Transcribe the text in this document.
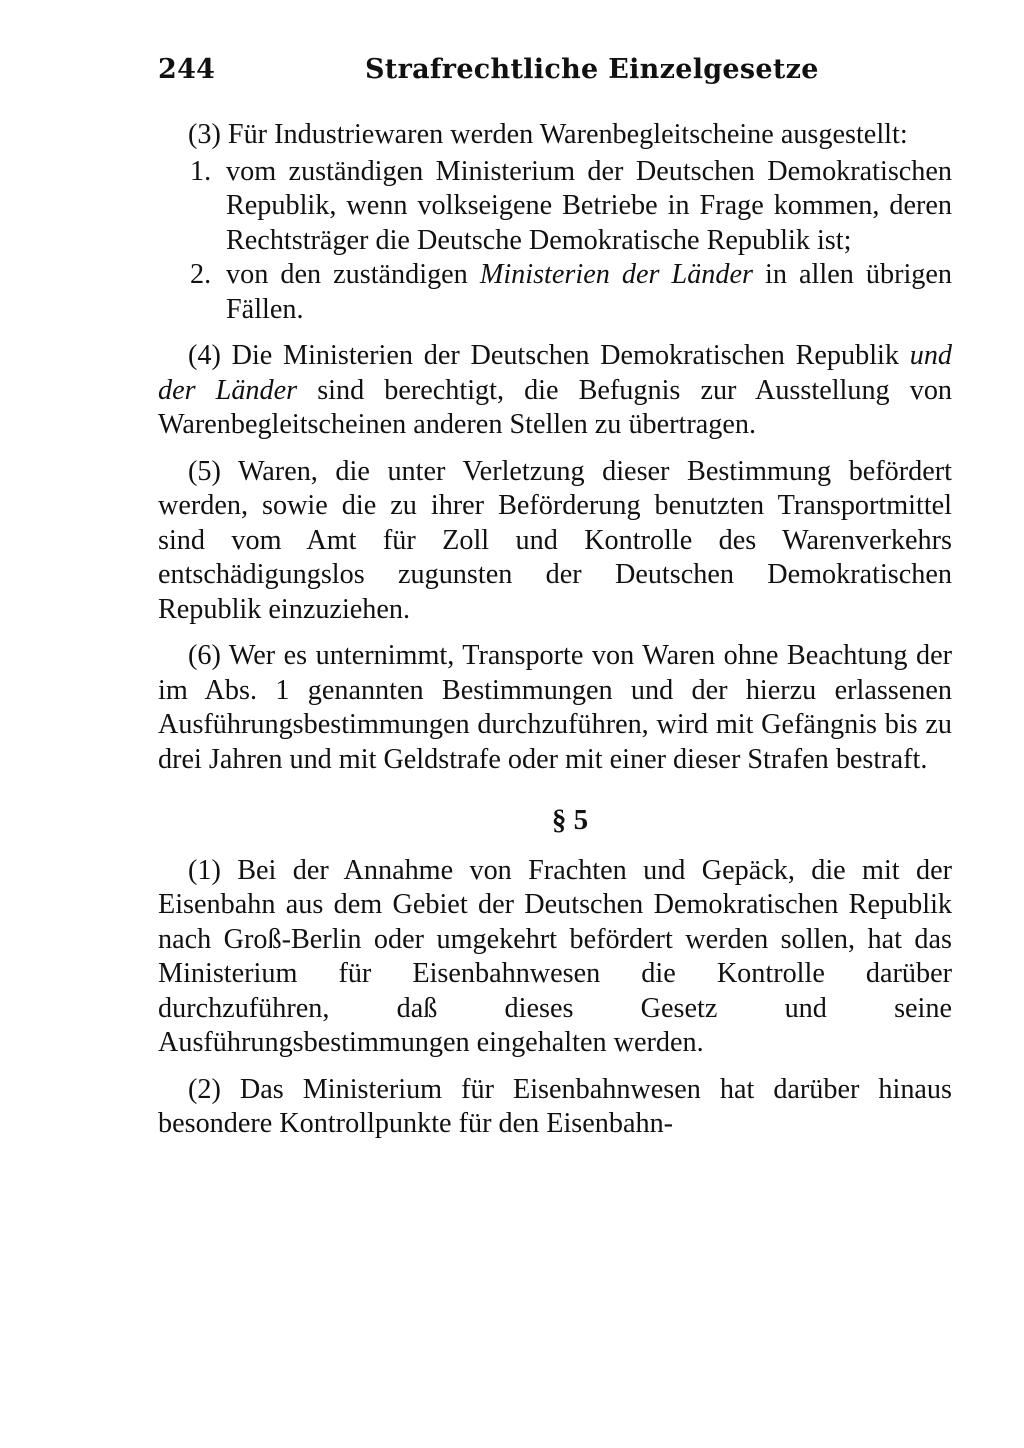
244	Strafrechtliche Einzelgesetze

(3) Für Industriewaren werden Warenbegleitscheine ausgestellt:

1. vom zuständigen Ministerium der Deutschen Demokratischen Republik, wenn volkseigene Betriebe in Frage kommen, deren Rechtsträger die Deutsche Demokratische Republik ist;
2. von den zuständigen Ministerien der Länder in allen übrigen Fällen.

(4) Die Ministerien der Deutschen Demokratischen Republik und der Länder sind berechtigt, die Befugnis zur Ausstellung von Warenbegleitscheinen anderen Stellen zu übertragen.

(5) Waren, die unter Verletzung dieser Bestimmung befördert werden, sowie die zu ihrer Beförderung benutzten Transportmittel sind vom Amt für Zoll und Kontrolle des Warenverkehrs entschädigungslos zugunsten der Deutschen Demokratischen Republik einzuziehen.

(6) Wer es unternimmt, Transporte von Waren ohne Beachtung der im Abs. 1 genannten Bestimmungen und der hierzu erlassenen Ausführungsbestimmungen durchzuführen, wird mit Gefängnis bis zu drei Jahren und mit Geldstrafe oder mit einer dieser Strafen bestraft.

§ 5

(1) Bei der Annahme von Frachten und Gepäck, die mit der Eisenbahn aus dem Gebiet der Deutschen Demokratischen Republik nach Groß-Berlin oder umgekehrt befördert werden sollen, hat das Ministerium für Eisenbahnwesen die Kontrolle darüber durchzuführen, daß dieses Gesetz und seine Ausführungsbestimmungen eingehalten werden.

(2) Das Ministerium für Eisenbahnwesen hat darüber hinaus besondere Kontrollpunkte für den Eisenbahn-
